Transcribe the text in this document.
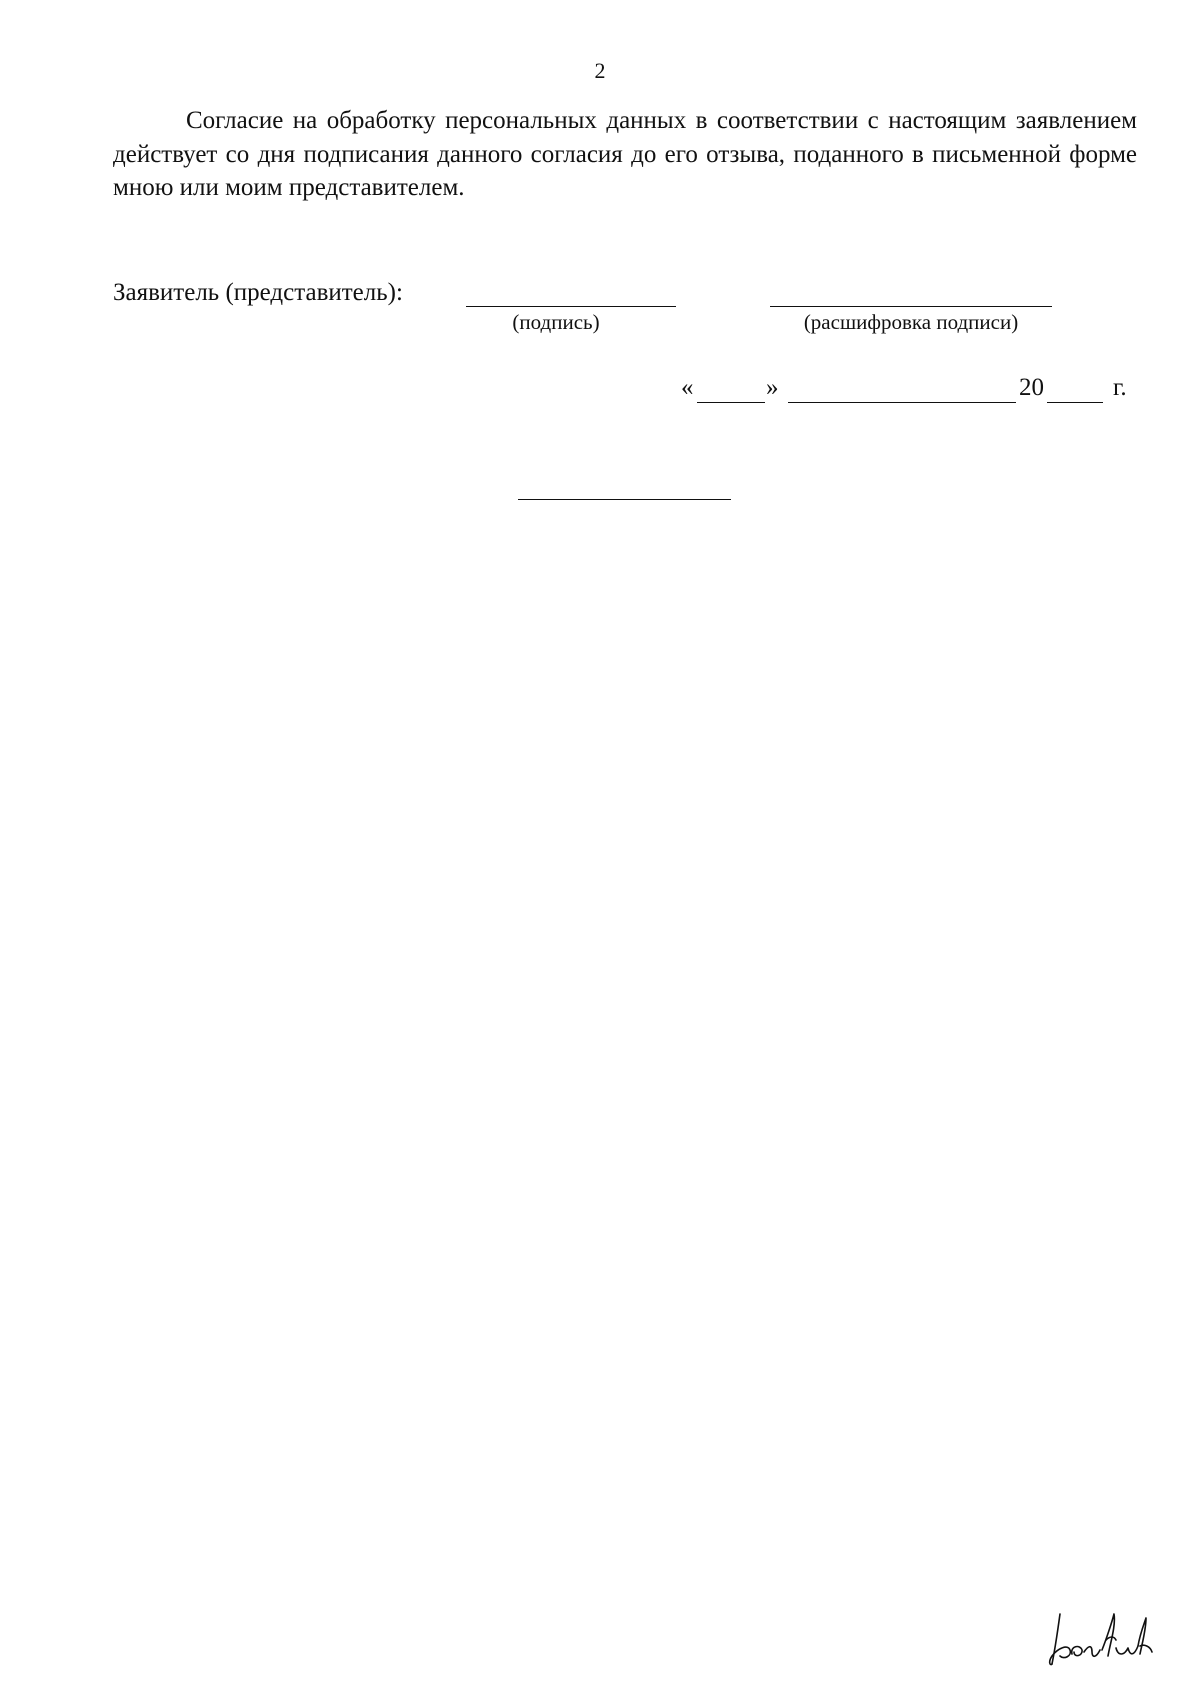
2
Согласие на обработку персональных данных в соответствии с настоящим заявлением действует со дня подписания данного согласия до его отзыва, поданного в письменной форме мною или моим представителем.
Заявитель (представитель):
(подпись)	(расшифровка подписи)
«	»	20	г.
